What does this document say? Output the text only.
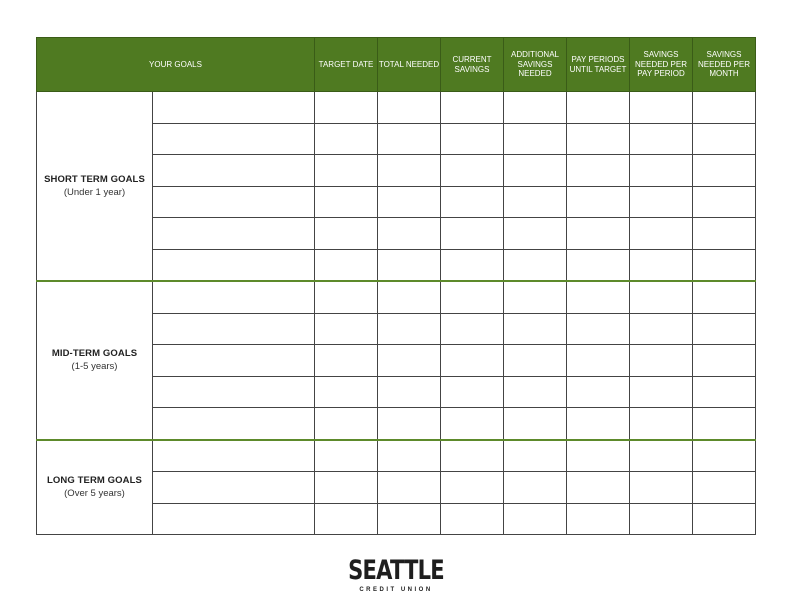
YOUR GOALS		TARGET DATE	TOTAL NEEDED	CURRENT SAVINGS	ADDITIONAL SAVINGS NEEDED	PAY PERIODS UNTIL TARGET	SAVINGS NEEDED PER PAY PERIOD	SAVINGS NEEDED PER MONTH

SHORT TERM GOALS
(Under 1 year)								

MID-TERM GOALS
(1-5 years)								

LONG TERM GOALS
(Over 5 years)								

SEATTLE
CREDIT UNION
